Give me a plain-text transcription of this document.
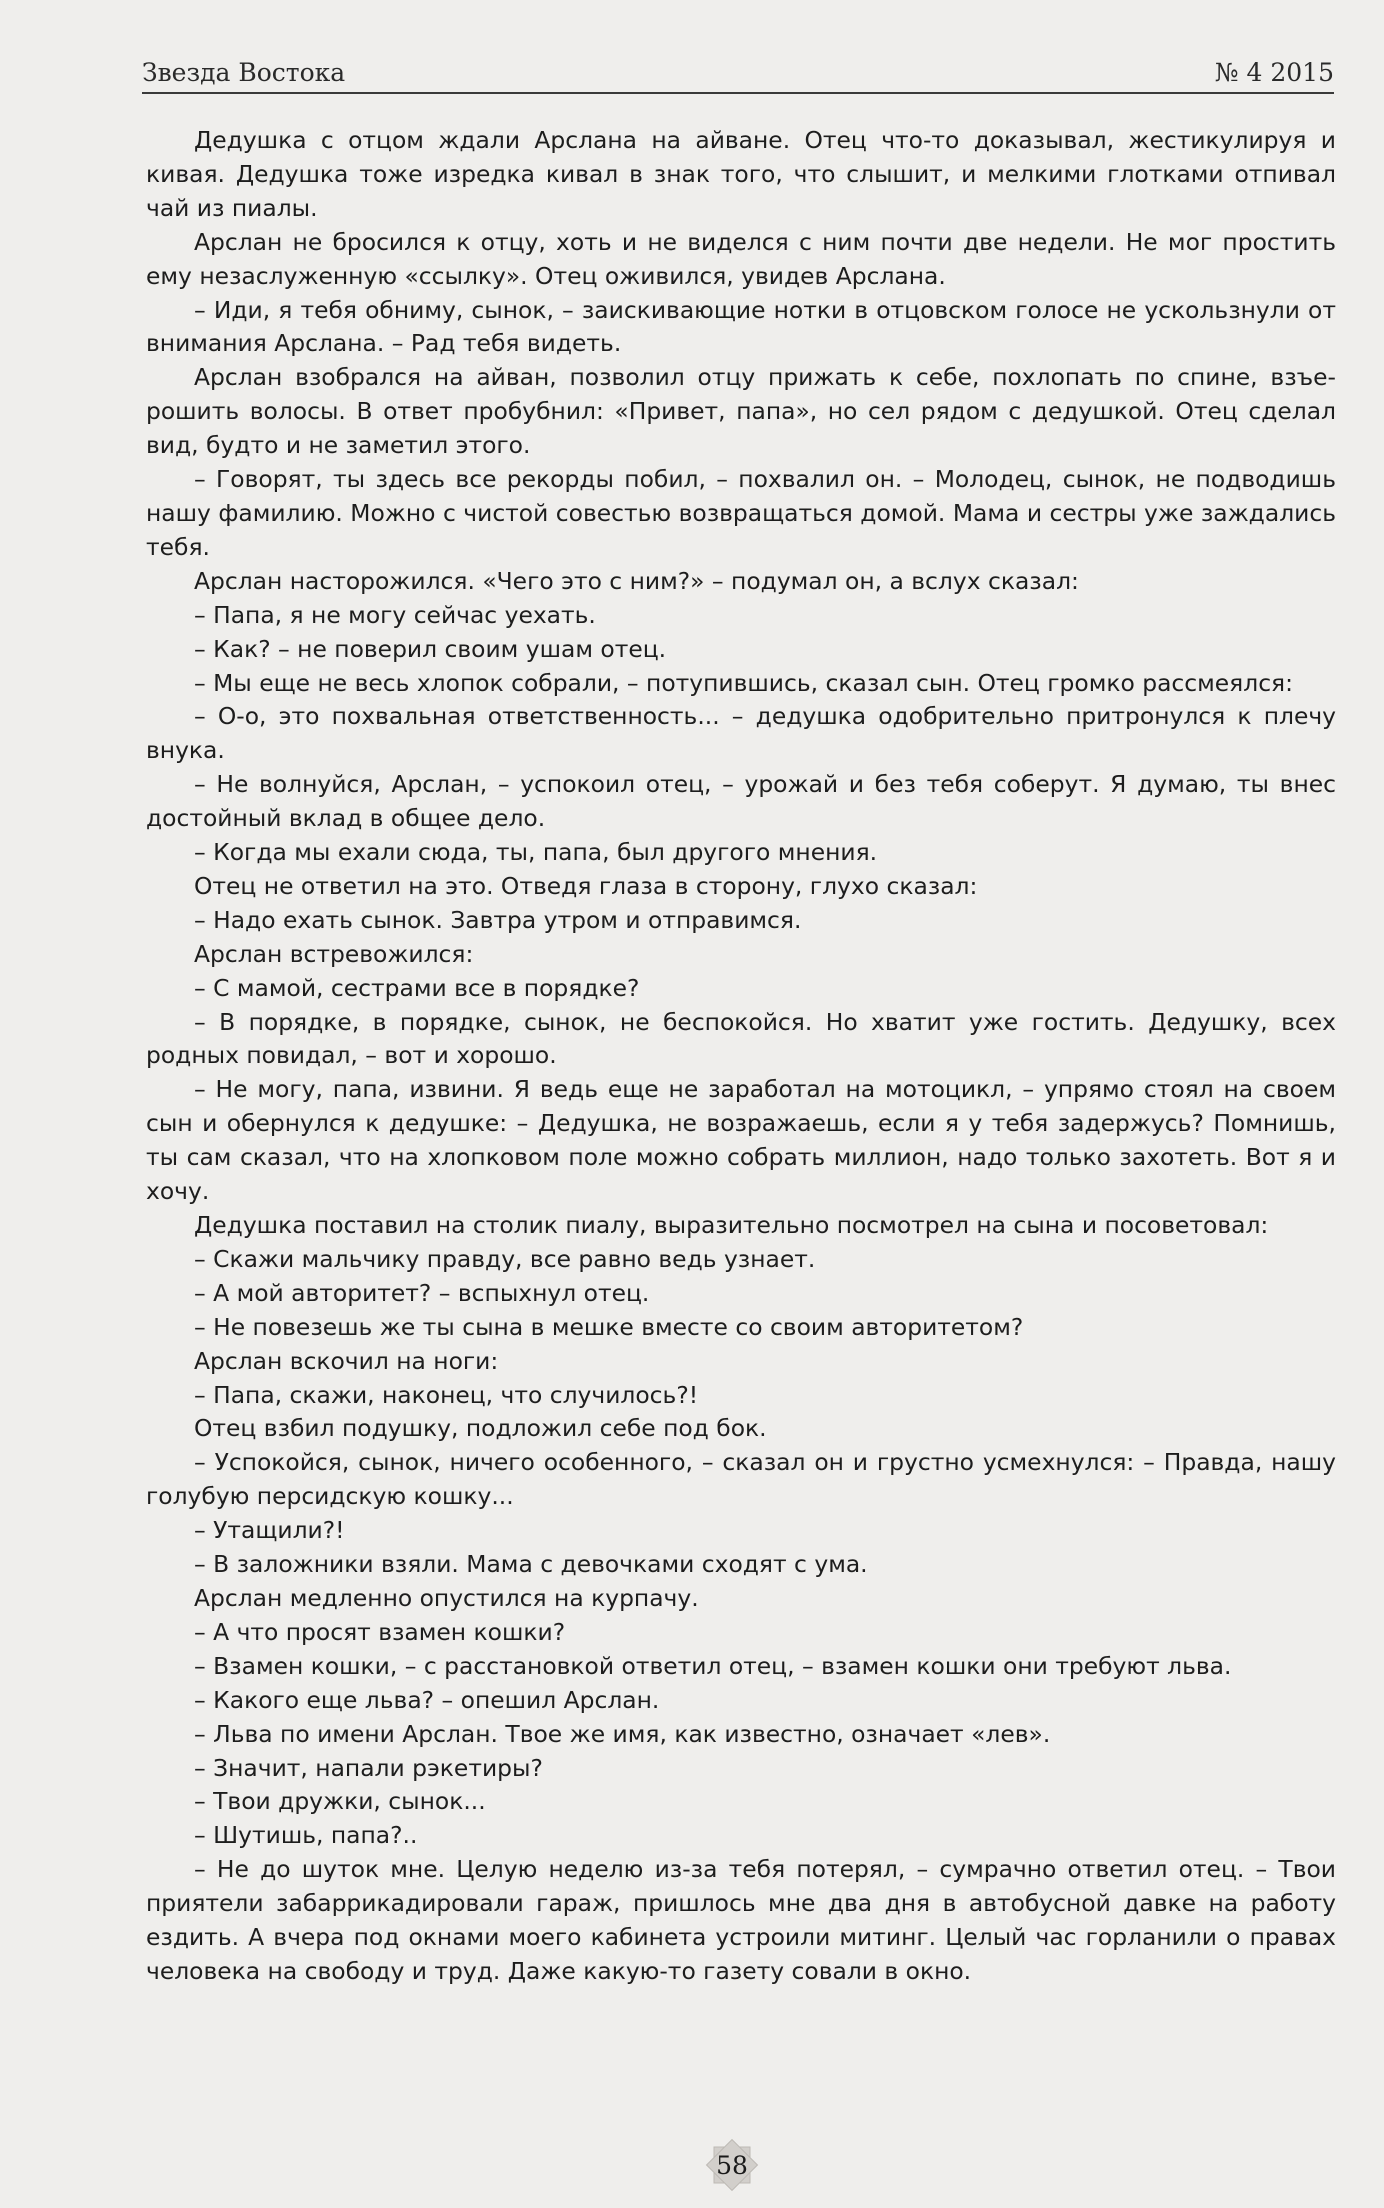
Звезда Востока	№ 4 2015

Дедушка с отцом ждали Арслана на айване. Отец что-то доказывал, жестикулируя и кивая. Дедушка тоже изредка кивал в знак того, что слышит, и мелкими глотками отпивал чай из пиалы.

Арслан не бросился к отцу, хоть и не виделся с ним почти две недели. Не мог простить ему незаслуженную «ссылку». Отец оживился, увидев Арслана.

– Иди, я тебя обниму, сынок, – заискивающие нотки в отцовском голосе не ускользнули от внимания Арслана. – Рад тебя видеть.

Арслан взобрался на айван, позволил отцу прижать к себе, похлопать по спине, взъерошить волосы. В ответ пробубнил: «Привет, папа», но сел рядом с дедушкой. Отец сделал вид, будто и не заметил этого.

– Говорят, ты здесь все рекорды побил, – похвалил он. – Молодец, сынок, не подводишь нашу фамилию. Можно с чистой совестью возвращаться домой. Мама и сестры уже заждались тебя.

Арслан насторожился. «Чего это с ним?» – подумал он, а вслух сказал:

– Папа, я не могу сейчас уехать.

– Как? – не поверил своим ушам отец.

– Мы еще не весь хлопок собрали, – потупившись, сказал сын. Отец громко рассмеялся:

– О-о, это похвальная ответственность... – дедушка одобрительно притронулся к плечу внука.

– Не волнуйся, Арслан, – успокоил отец, – урожай и без тебя соберут. Я думаю, ты внес достойный вклад в общее дело.

– Когда мы ехали сюда, ты, папа, был другого мнения.

Отец не ответил на это. Отведя глаза в сторону, глухо сказал:

– Надо ехать сынок. Завтра утром и отправимся.

Арслан встревожился:

– С мамой, сестрами все в порядке?

– В порядке, в порядке, сынок, не беспокойся. Но хватит уже гостить. Дедушку, всех родных повидал, – вот и хорошо.

– Не могу, папа, извини. Я ведь еще не заработал на мотоцикл, – упрямо стоял на своем сын и обернулся к дедушке: – Дедушка, не возражаешь, если я у тебя задержусь? Помнишь, ты сам сказал, что на хлопковом поле можно собрать миллион, надо только захотеть. Вот я и хочу.

Дедушка поставил на столик пиалу, выразительно посмотрел на сына и посоветовал:

– Скажи мальчику правду, все равно ведь узнает.

– А мой авторитет? – вспыхнул отец.

– Не повезешь же ты сына в мешке вместе со своим авторитетом?

Арслан вскочил на ноги:

– Папа, скажи, наконец, что случилось?!

Отец взбил подушку, подложил себе под бок.

– Успокойся, сынок, ничего особенного, – сказал он и грустно усмехнулся: – Правда, нашу голубую персидскую кошку...

– Утащили?!

– В заложники взяли. Мама с девочками сходят с ума.

Арслан медленно опустился на курпачу.

– А что просят взамен кошки?

– Взамен кошки, – с расстановкой ответил отец, – взамен кошки они требуют льва.

– Какого еще льва? – опешил Арслан.

– Льва по имени Арслан. Твое же имя, как известно, означает «лев».

– Значит, напали рэкетиры?

– Твои дружки, сынок...

– Шутишь, папа?..

– Не до шуток мне. Целую неделю из-за тебя потерял, – сумрачно ответил отец. – Твои приятели забаррикадировали гараж, пришлось мне два дня в автобусной давке на работу ездить. А вчера под окнами моего кабинета устроили митинг. Целый час горланили о правах человека на свободу и труд. Даже какую-то газету совали в окно.

58
